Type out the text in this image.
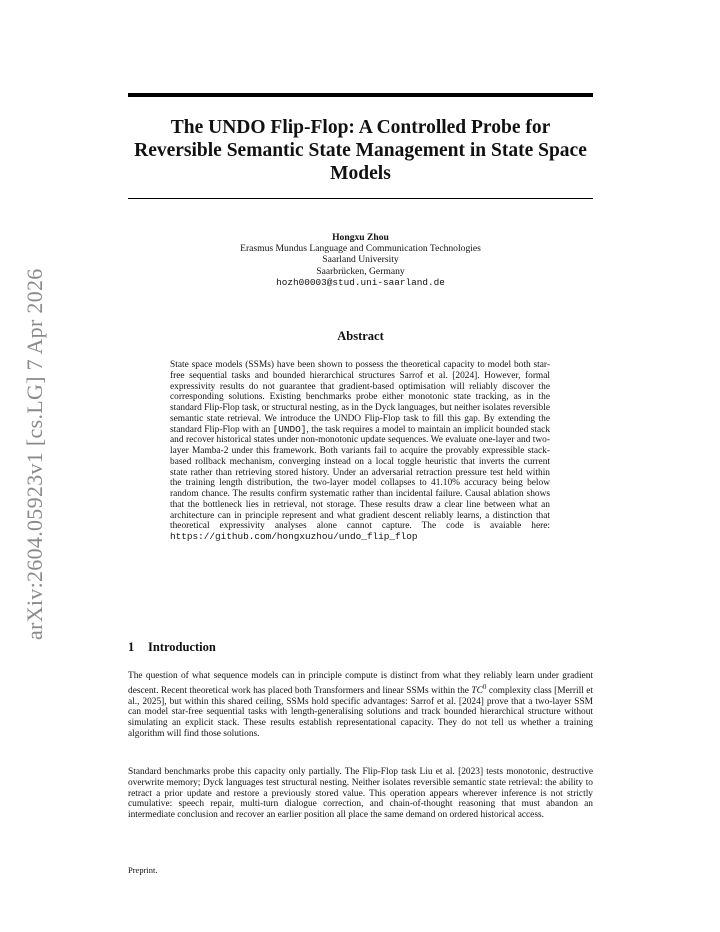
arXiv:2604.05923v1 [cs.LG] 7 Apr 2026
The UNDO Flip-Flop: A Controlled Probe for Reversible Semantic State Management in State Space Models
Hongxu Zhou
Erasmus Mundus Language and Communication Technologies
Saarland University
Saarbrücken, Germany
hozh00003@stud.uni-saarland.de
Abstract
State space models (SSMs) have been shown to possess the theoretical capacity to model both star-free sequential tasks and bounded hierarchical structures Sarrof et al. [2024]. However, formal expressivity results do not guarantee that gradient-based optimisation will reliably discover the corresponding solutions. Existing benchmarks probe either monotonic state tracking, as in the standard Flip-Flop task, or structural nesting, as in the Dyck languages, but neither isolates reversible semantic state retrieval. We introduce the UNDO Flip-Flop task to fill this gap. By extending the standard Flip-Flop with an [UNDO], the task requires a model to maintain an implicit bounded stack and recover historical states under non-monotonic update sequences. We evaluate one-layer and two-layer Mamba-2 under this framework. Both variants fail to acquire the provably expressible stack-based rollback mechanism, converging instead on a local toggle heuristic that inverts the current state rather than retrieving stored history. Under an adversarial retraction pressure test held within the training length distribution, the two-layer model collapses to 41.10% accuracy being below random chance. The results confirm systematic rather than incidental failure. Causal ablation shows that the bottleneck lies in retrieval, not storage. These results draw a clear line between what an architecture can in principle represent and what gradient descent reliably learns, a distinction that theoretical expressivity analyses alone cannot capture. The code is avaiable here: https://github.com/hongxuzhou/undo_flip_flop
1 Introduction
The question of what sequence models can in principle compute is distinct from what they reliably learn under gradient descent. Recent theoretical work has placed both Transformers and linear SSMs within the $TC^0$ complexity class [Merrill et al., 2025], but within this shared ceiling, SSMs hold specific advantages: Sarrof et al. [2024] prove that a two-layer SSM can model star-free sequential tasks with length-generalising solutions and track bounded hierarchical structure without simulating an explicit stack. These results establish representational capacity. They do not tell us whether a training algorithm will find those solutions.
Standard benchmarks probe this capacity only partially. The Flip-Flop task Liu et al. [2023] tests monotonic, destructive overwrite memory; Dyck languages test structural nesting. Neither isolates reversible semantic state retrieval: the ability to retract a prior update and restore a previously stored value. This operation appears wherever inference is not strictly cumulative: speech repair, multi-turn dialogue correction, and chain-of-thought reasoning that must abandon an intermediate conclusion and recover an earlier position all place the same demand on ordered historical access.
Preprint.
